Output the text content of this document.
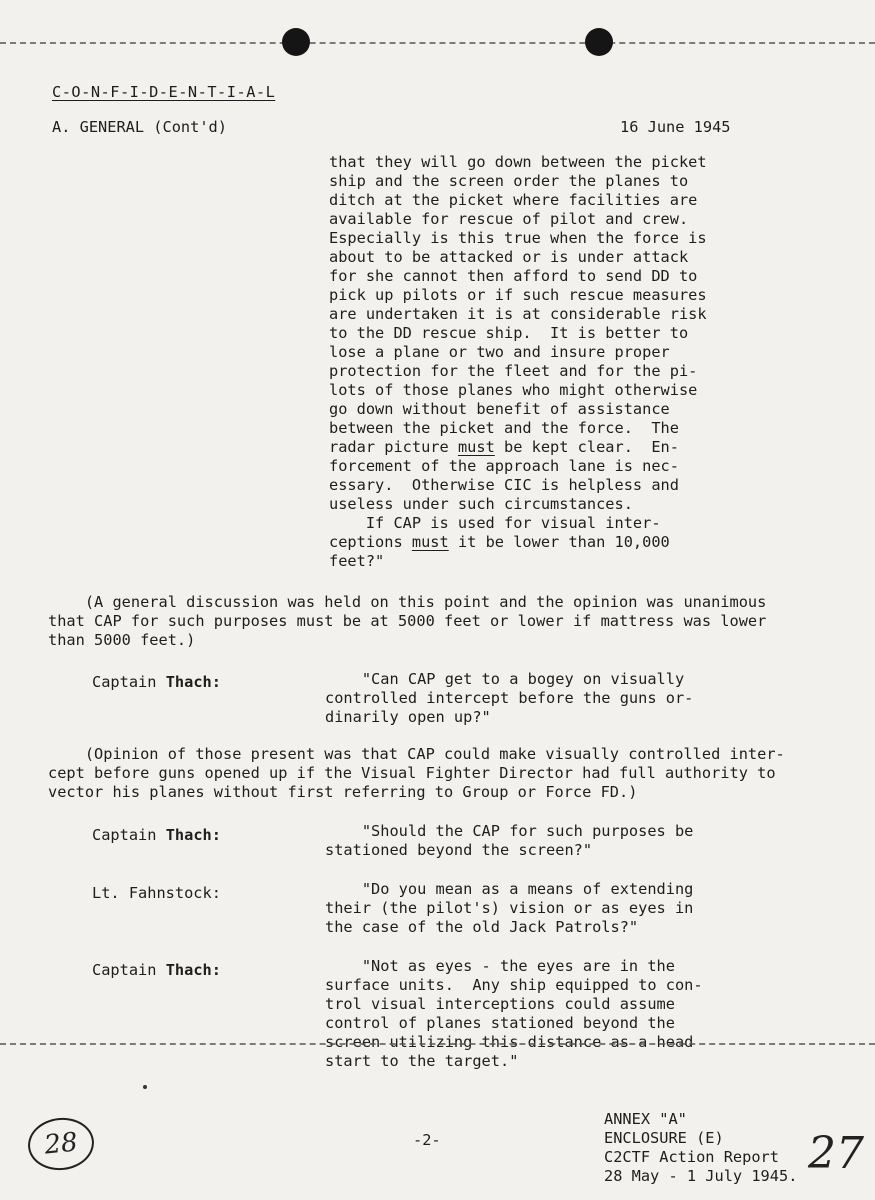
C-O-N-F-I-D-E-N-T-I-A-L
A. GENERAL (Cont'd)	16 June 1945
that they will go down between the picket
ship and the screen order the planes to
ditch at the picket where facilities are
available for rescue of pilot and crew.
Especially is this true when the force is
about to be attacked or is under attack
for she cannot then afford to send DD to
pick up pilots or if such rescue measures
are undertaken it is at considerable risk
to the DD rescue ship.  It is better to
lose a plane or two and insure proper
protection for the fleet and for the pi-
lots of those planes who might otherwise
go down without benefit of assistance
between the picket and the force.  The
radar picture must be kept clear.  En-
forcement of the approach lane is nec-
essary.  Otherwise CIC is helpless and
useless under such circumstances.
If CAP is used for visual inter-
ceptions must it be lower than 10,000
feet?"
(A general discussion was held on this point and the opinion was unanimous
that CAP for such purposes must be at 5000 feet or lower if mattress was lower
than 5000 feet.)
Captain Thach:	"Can CAP get to a bogey on visually
controlled intercept before the guns or-
dinarily open up?"
(Opinion of those present was that CAP could make visually controlled inter-
cept before guns opened up if the Visual Fighter Director had full authority to
vector his planes without first referring to Group or Force FD.)
Captain Thach:	"Should the CAP for such purposes be
stationed beyond the screen?"
Lt. Fahnstock:	"Do you mean as a means of extending
their (the pilot's) vision or as eyes in
the case of the old Jack Patrols?"
Captain Thach:	"Not as eyes - the eyes are in the
surface units.  Any ship equipped to con-
trol visual interceptions could assume
control of planes stationed beyond the
screen utilizing this distance as a head
start to the target."
28	-2-
ANNEX "A"
ENCLOSURE (E)
C2CTF Action Report
28 May - 1 July 1945. 27
